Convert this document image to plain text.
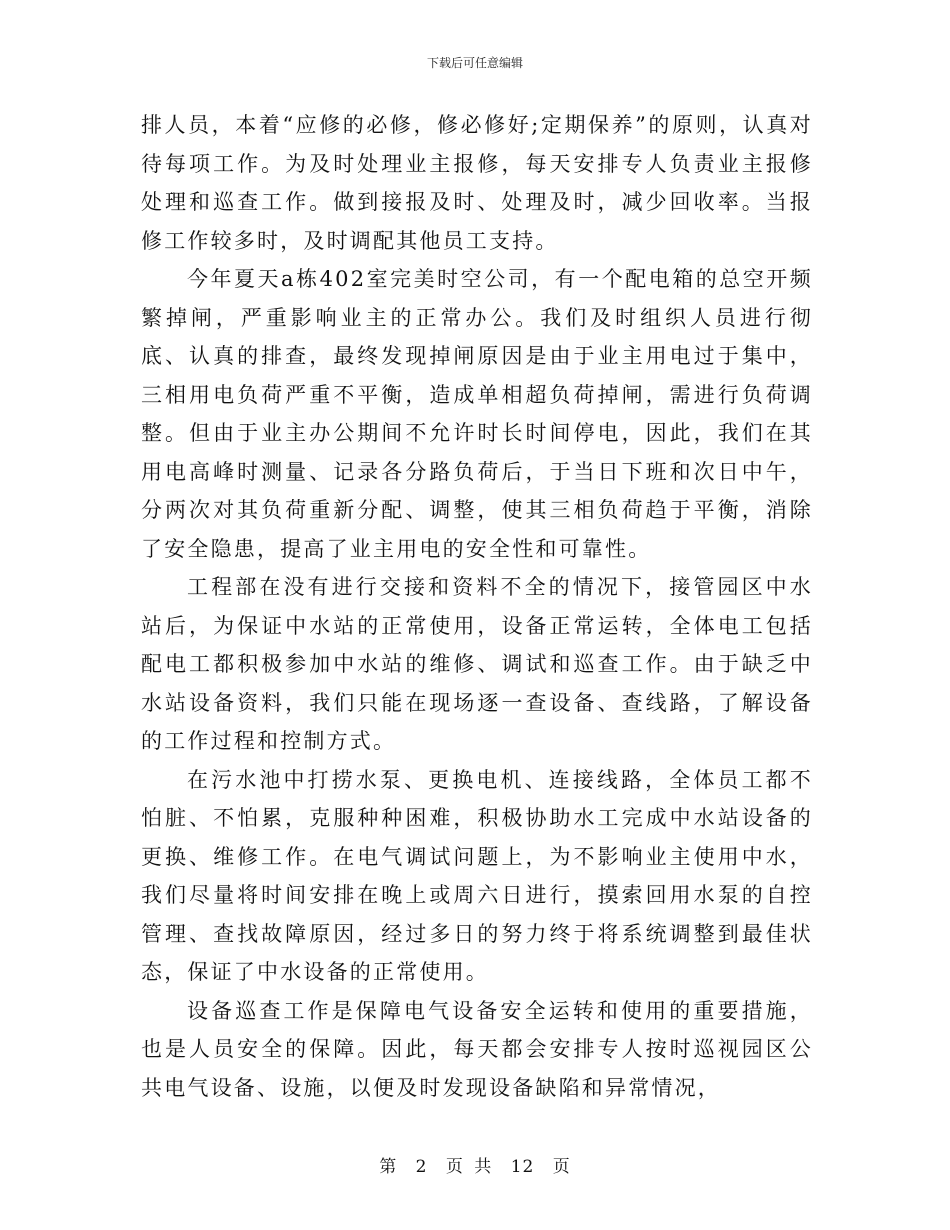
下载后可任意编辑

排人员，本着“应修的必修，修必修好;定期保养”的原则，认真对待每项工作。为及时处理业主报修，每天安排专人负责业主报修处理和巡查工作。做到接报及时、处理及时，减少回收率。当报修工作较多时，及时调配其他员工支持。

今年夏天a栋402室完美时空公司，有一个配电箱的总空开频繁掉闸，严重影响业主的正常办公。我们及时组织人员进行彻底、认真的排查，最终发现掉闸原因是由于业主用电过于集中，三相用电负荷严重不平衡，造成单相超负荷掉闸，需进行负荷调整。但由于业主办公期间不允许时长时间停电，因此，我们在其用电高峰时测量、记录各分路负荷后，于当日下班和次日中午，分两次对其负荷重新分配、调整，使其三相负荷趋于平衡，消除了安全隐患，提高了业主用电的安全性和可靠性。

工程部在没有进行交接和资料不全的情况下，接管园区中水站后，为保证中水站的正常使用，设备正常运转，全体电工包括配电工都积极参加中水站的维修、调试和巡查工作。由于缺乏中水站设备资料，我们只能在现场逐一查设备、查线路，了解设备的工作过程和控制方式。

在污水池中打捞水泵、更换电机、连接线路，全体员工都不怕脏、不怕累，克服种种困难，积极协助水工完成中水站设备的更换、维修工作。在电气调试问题上，为不影响业主使用中水，我们尽量将时间安排在晚上或周六日进行，摸索回用水泵的自控管理、查找故障原因，经过多日的努力终于将系统调整到最佳状态，保证了中水设备的正常使用。

设备巡查工作是保障电气设备安全运转和使用的重要措施，也是人员安全的保障。因此，每天都会安排专人按时巡视园区公共电气设备、设施，以便及时发现设备缺陷和异常情况，

第 2 页 共 12 页
